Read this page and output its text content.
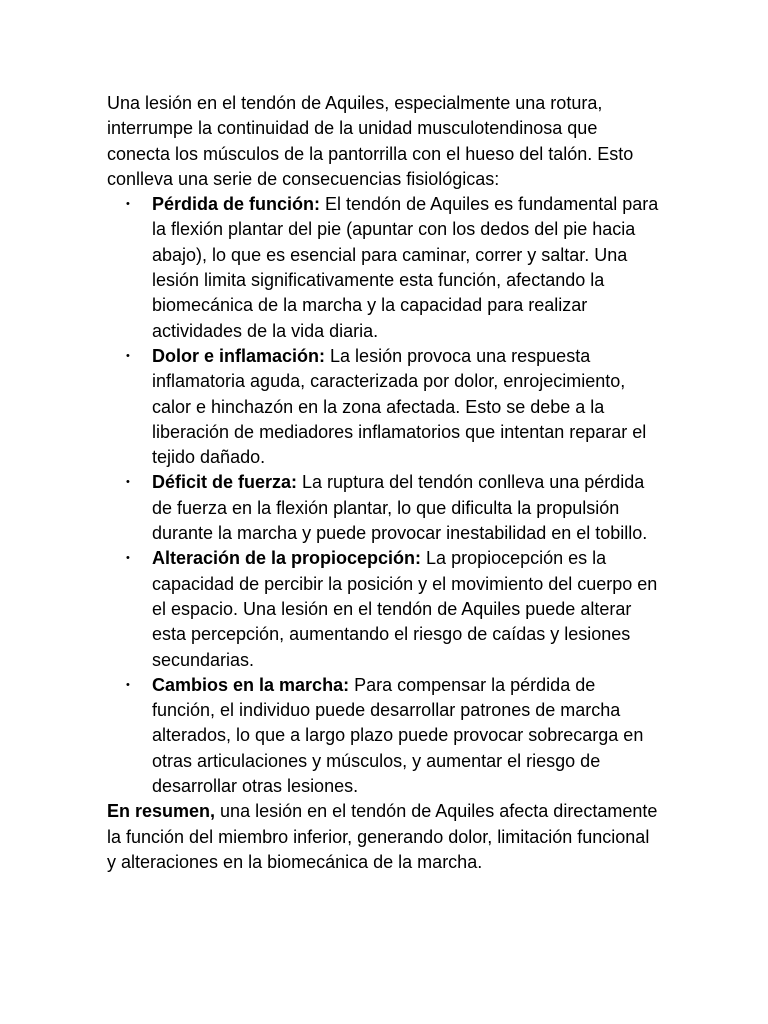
Una lesión en el tendón de Aquiles, especialmente una rotura, interrumpe la continuidad de la unidad musculotendinosa que conecta los músculos de la pantorrilla con el hueso del talón. Esto conlleva una serie de consecuencias fisiológicas:

• Pérdida de función: El tendón de Aquiles es fundamental para la flexión plantar del pie (apuntar con los dedos del pie hacia abajo), lo que es esencial para caminar, correr y saltar. Una lesión limita significativamente esta función, afectando la biomecánica de la marcha y la capacidad para realizar actividades de la vida diaria.
• Dolor e inflamación: La lesión provoca una respuesta inflamatoria aguda, caracterizada por dolor, enrojecimiento, calor e hinchazón en la zona afectada. Esto se debe a la liberación de mediadores inflamatorios que intentan reparar el tejido dañado.
• Déficit de fuerza: La ruptura del tendón conlleva una pérdida de fuerza en la flexión plantar, lo que dificulta la propulsión durante la marcha y puede provocar inestabilidad en el tobillo.
• Alteración de la propiocepción: La propiocepción es la capacidad de percibir la posición y el movimiento del cuerpo en el espacio. Una lesión en el tendón de Aquiles puede alterar esta percepción, aumentando el riesgo de caídas y lesiones secundarias.
• Cambios en la marcha: Para compensar la pérdida de función, el individuo puede desarrollar patrones de marcha alterados, lo que a largo plazo puede provocar sobrecarga en otras articulaciones y músculos, y aumentar el riesgo de desarrollar otras lesiones.

En resumen, una lesión en el tendón de Aquiles afecta directamente la función del miembro inferior, generando dolor, limitación funcional y alteraciones en la biomecánica de la marcha.
